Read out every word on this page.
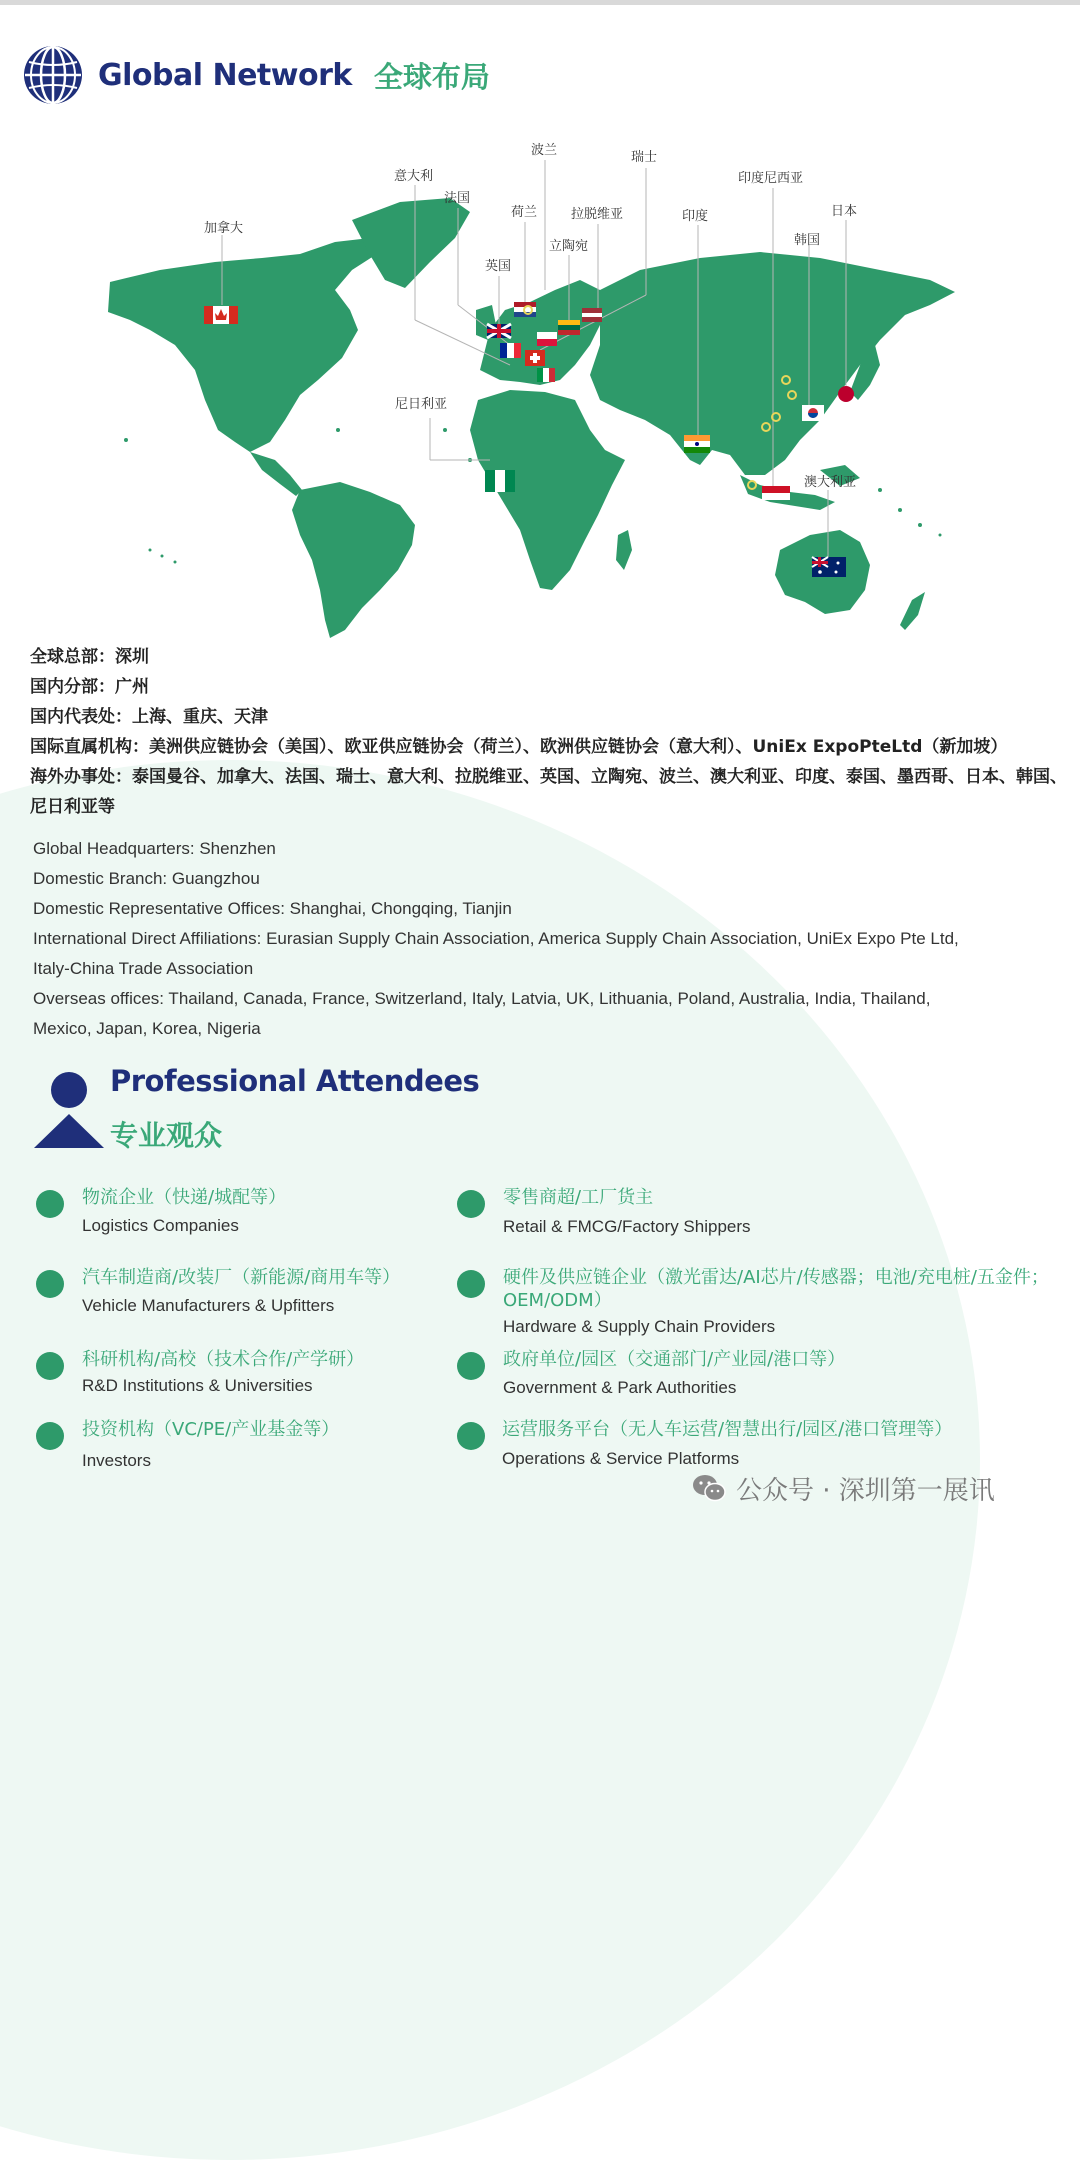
Global Network 全球布局
加拿大
意大利
法国
波兰	瑞士
荷兰	拉脱维亚
立陶宛
英国
印度
印度尼西亚
日本
韩国
尼日利亚
澳大利亚
全球总部：深圳
国内分部：广州
国内代表处：上海、重庆、天津
国际直属机构：美洲供应链协会（美国）、欧亚供应链协会（荷兰）、欧洲供应链协会（意大利）、UniEx ExpoPteLtd（新加坡）
海外办事处：泰国曼谷、加拿大、法国、瑞士、意大利、拉脱维亚、英国、立陶宛、波兰、澳大利亚、印度、泰国、墨西哥、日本、韩国、
尼日利亚等
Global Headquarters: Shenzhen
Domestic Branch: Guangzhou
Domestic Representative Offices: Shanghai, Chongqing, Tianjin
International Direct Affiliations: Eurasian Supply Chain Association, America Supply Chain Association, UniEx Expo Pte Ltd,
Italy-China Trade Association
Overseas offices: Thailand, Canada, France, Switzerland, Italy, Latvia, UK, Lithuania, Poland, Australia, India, Thailand,
Mexico, Japan, Korea, Nigeria
Professional Attendees
专业观众
物流企业（快递/城配等）
Logistics Companies
汽车制造商/改装厂（新能源/商用车等）
Vehicle Manufacturers & Upfitters
科研机构/高校（技术合作/产学研）
R&D Institutions & Universities
投资机构（VC/PE/产业基金等）
Investors
零售商超/工厂货主
Retail & FMCG/Factory Shippers
硬件及供应链企业（激光雷达/AI芯片/传感器；电池/充电桩/五金件；
OEM/ODM）
Hardware & Supply Chain Providers
政府单位/园区（交通部门/产业园/港口等）
Government & Park Authorities
运营服务平台（无人车运营/智慧出行/园区/港口管理等）
Operations & Service Platforms
公众号 · 深圳第一展讯
